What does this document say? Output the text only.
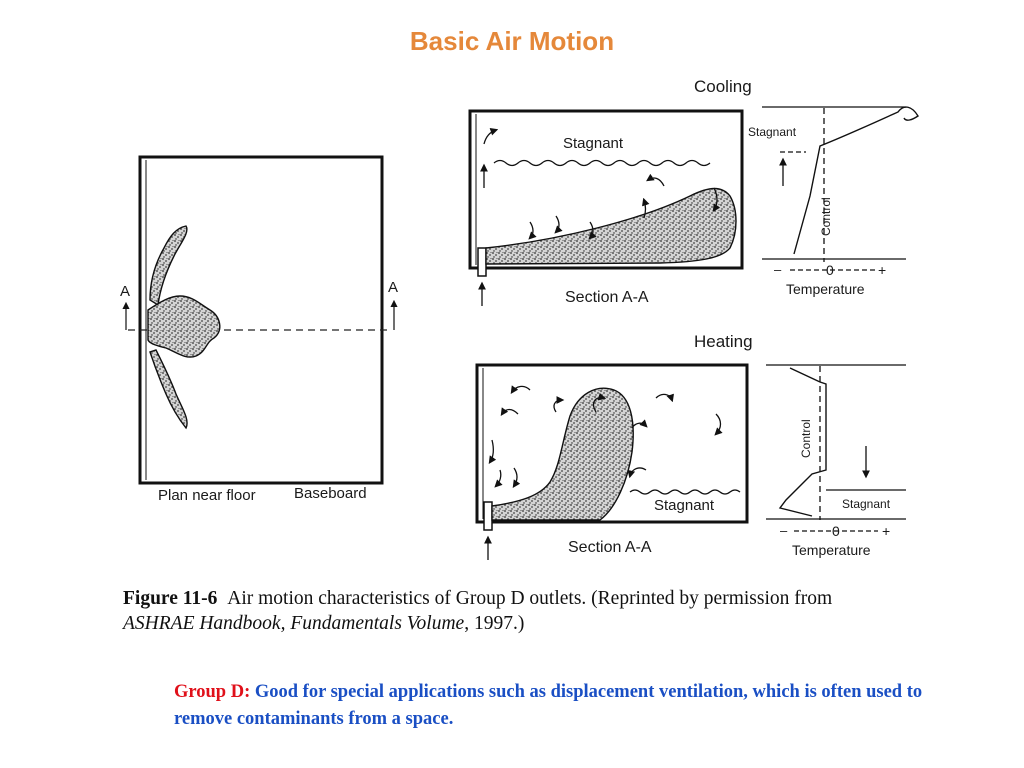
Basic Air Motion
A	A
Plan near floor	Baseboard
Cooling
Stagnant
Section A-A
Stagnant
Control
–	0	+
Temperature
Heating
Stagnant
Section A-A
Stagnant
Control
–	0	+
Temperature
Figure 11-6 Air motion characteristics of Group D outlets. (Reprinted by permission from
ASHRAE Handbook, Fundamentals Volume, 1997.)
Group D: Good for special applications such as displacement ventilation, which is often used to remove contaminants from a space.
